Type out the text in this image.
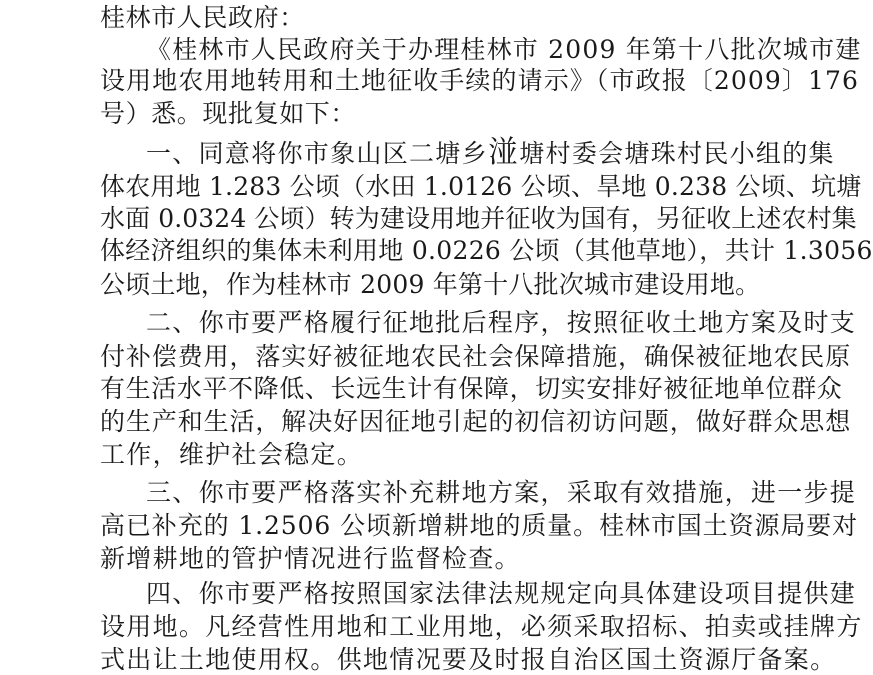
桂林市人民政府：
《桂林市人民政府关于办理桂林市 2009 年第十八批次城市建
设用地农用地转用和土地征收手续的请示》（市政报〔2009〕176
号）悉。现批复如下：
一、同意将你市象山区二塘乡湴塘村委会塘珠村民小组的集
体农用地 1.283 公顷（水田 1.0126 公顷、旱地 0.238 公顷、坑塘
水面 0.0324 公顷）转为建设用地并征收为国有，另征收上述农村集
体经济组织的集体未利用地 0.0226 公顷（其他草地），共计 1.3056
公顷土地，作为桂林市 2009 年第十八批次城市建设用地。
二、你市要严格履行征地批后程序，按照征收土地方案及时支
付补偿费用，落实好被征地农民社会保障措施，确保被征地农民原
有生活水平不降低、长远生计有保障，切实安排好被征地单位群众
的生产和生活，解决好因征地引起的初信初访问题，做好群众思想
工作，维护社会稳定。
三、你市要严格落实补充耕地方案，采取有效措施，进一步提
高已补充的 1.2506 公顷新增耕地的质量。桂林市国土资源局要对
新增耕地的管护情况进行监督检查。
四、你市要严格按照国家法律法规规定向具体建设项目提供建
设用地。凡经营性用地和工业用地，必须采取招标、拍卖或挂牌方
式出让土地使用权。供地情况要及时报自治区国土资源厅备案。
